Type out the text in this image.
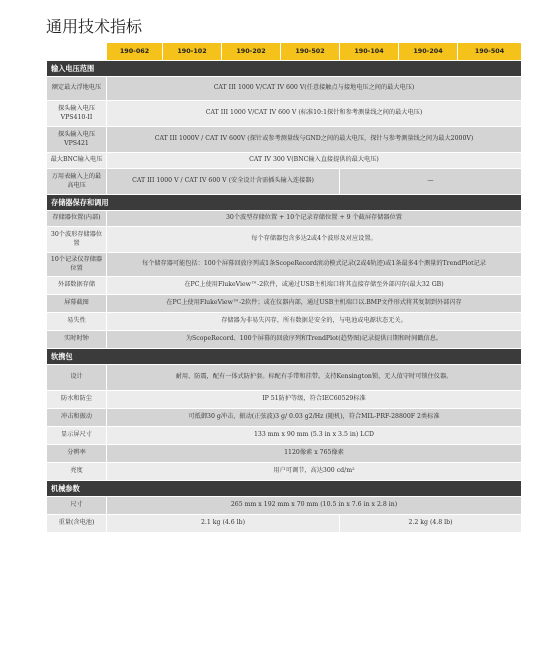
通用技术指标
	190-062	190-102	190-202	190-502	190-104	190-204	190-504
输入电压范围							
额定最大浮地电压	CAT III 1000 V/CAT IV 600 V(任意接触点与接地电压之间的最大电压)						
探头输入电压 VPS410-II	CAT III 1000 V/CAT IV 600 V (标准10:1探针和参考测量线之间的最大电压)						
探头输入电压 VPS421	CAT III 1000V / CAT IV 600V (探针或参考测量线与GND之间的最大电压，探针与参考测量线之间为最大2000V)						
最大BNC输入电压	CAT IV 300 V(BNC输入直接提供的最大电压)						
万用表输入上的最高电压	CAT III 1000 V / CAT IV 600 V (安全设计含需插头输入连接器)				—		
存储器保存和调用							
存储器位置(内部)	30个波型存储位置 + 10个记录存储位置 + 9 个截屏存储器位置						
30个波形存储器位置	每个存储器包含多达2或4个波形及对应设置。						
10个记录仪存储器位置	每个储存器可能包括：100个屏幕回放序列或1条ScopeRecord滚动模式记录(2或4轨迹)或1条最多4个测量的TrendPlot记录						
外部数据存储	在PC上使用FlukeView™-2软件，或通过USB主机端口将其直接存储至外部闪存(最大32 GB)						
屏幕截图	在PC上使用FlukeView™-2软件；或在仪器内部，通过USB主机端口以.BMP文件形式将其复制到外部闪存						
易失性	存储器为非易失闪存，所有数据是安全的，与电池或电源状态无关。						
实时时钟	为ScopeRecord、100个屏幕的回放序列和TrendPlot(趋势图)记录提供日期和时间戳信息。						
软携包							
设计	耐用、防震，配有一体式防护套。标配有手带和挂带。支持Kensington锁，无人值守时可锁住仪器。						
防水和防尘	IP 51防护等级，符合IEC60529标准						
冲击和振动	可抵御30 g冲击，振动(正弦波)3 g/ 0.03 g2/Hz (随机)，符合MIL-PRF-28800F 2类标准						
显示屏尺寸	133 mm x 90 mm (5.3 in x 3.5 in) LCD						
分辨率	1120像素 x 765像素						
亮度	用户可调节，高达300 cd/m²						
机械参数							
尺寸	265 mm x 192 mm x 70 mm (10.5 in x 7.6 in x 2.8 in)						
重量(含电池)	2.1 kg (4.6 lb)				2.2 kg (4.8 lb)		
